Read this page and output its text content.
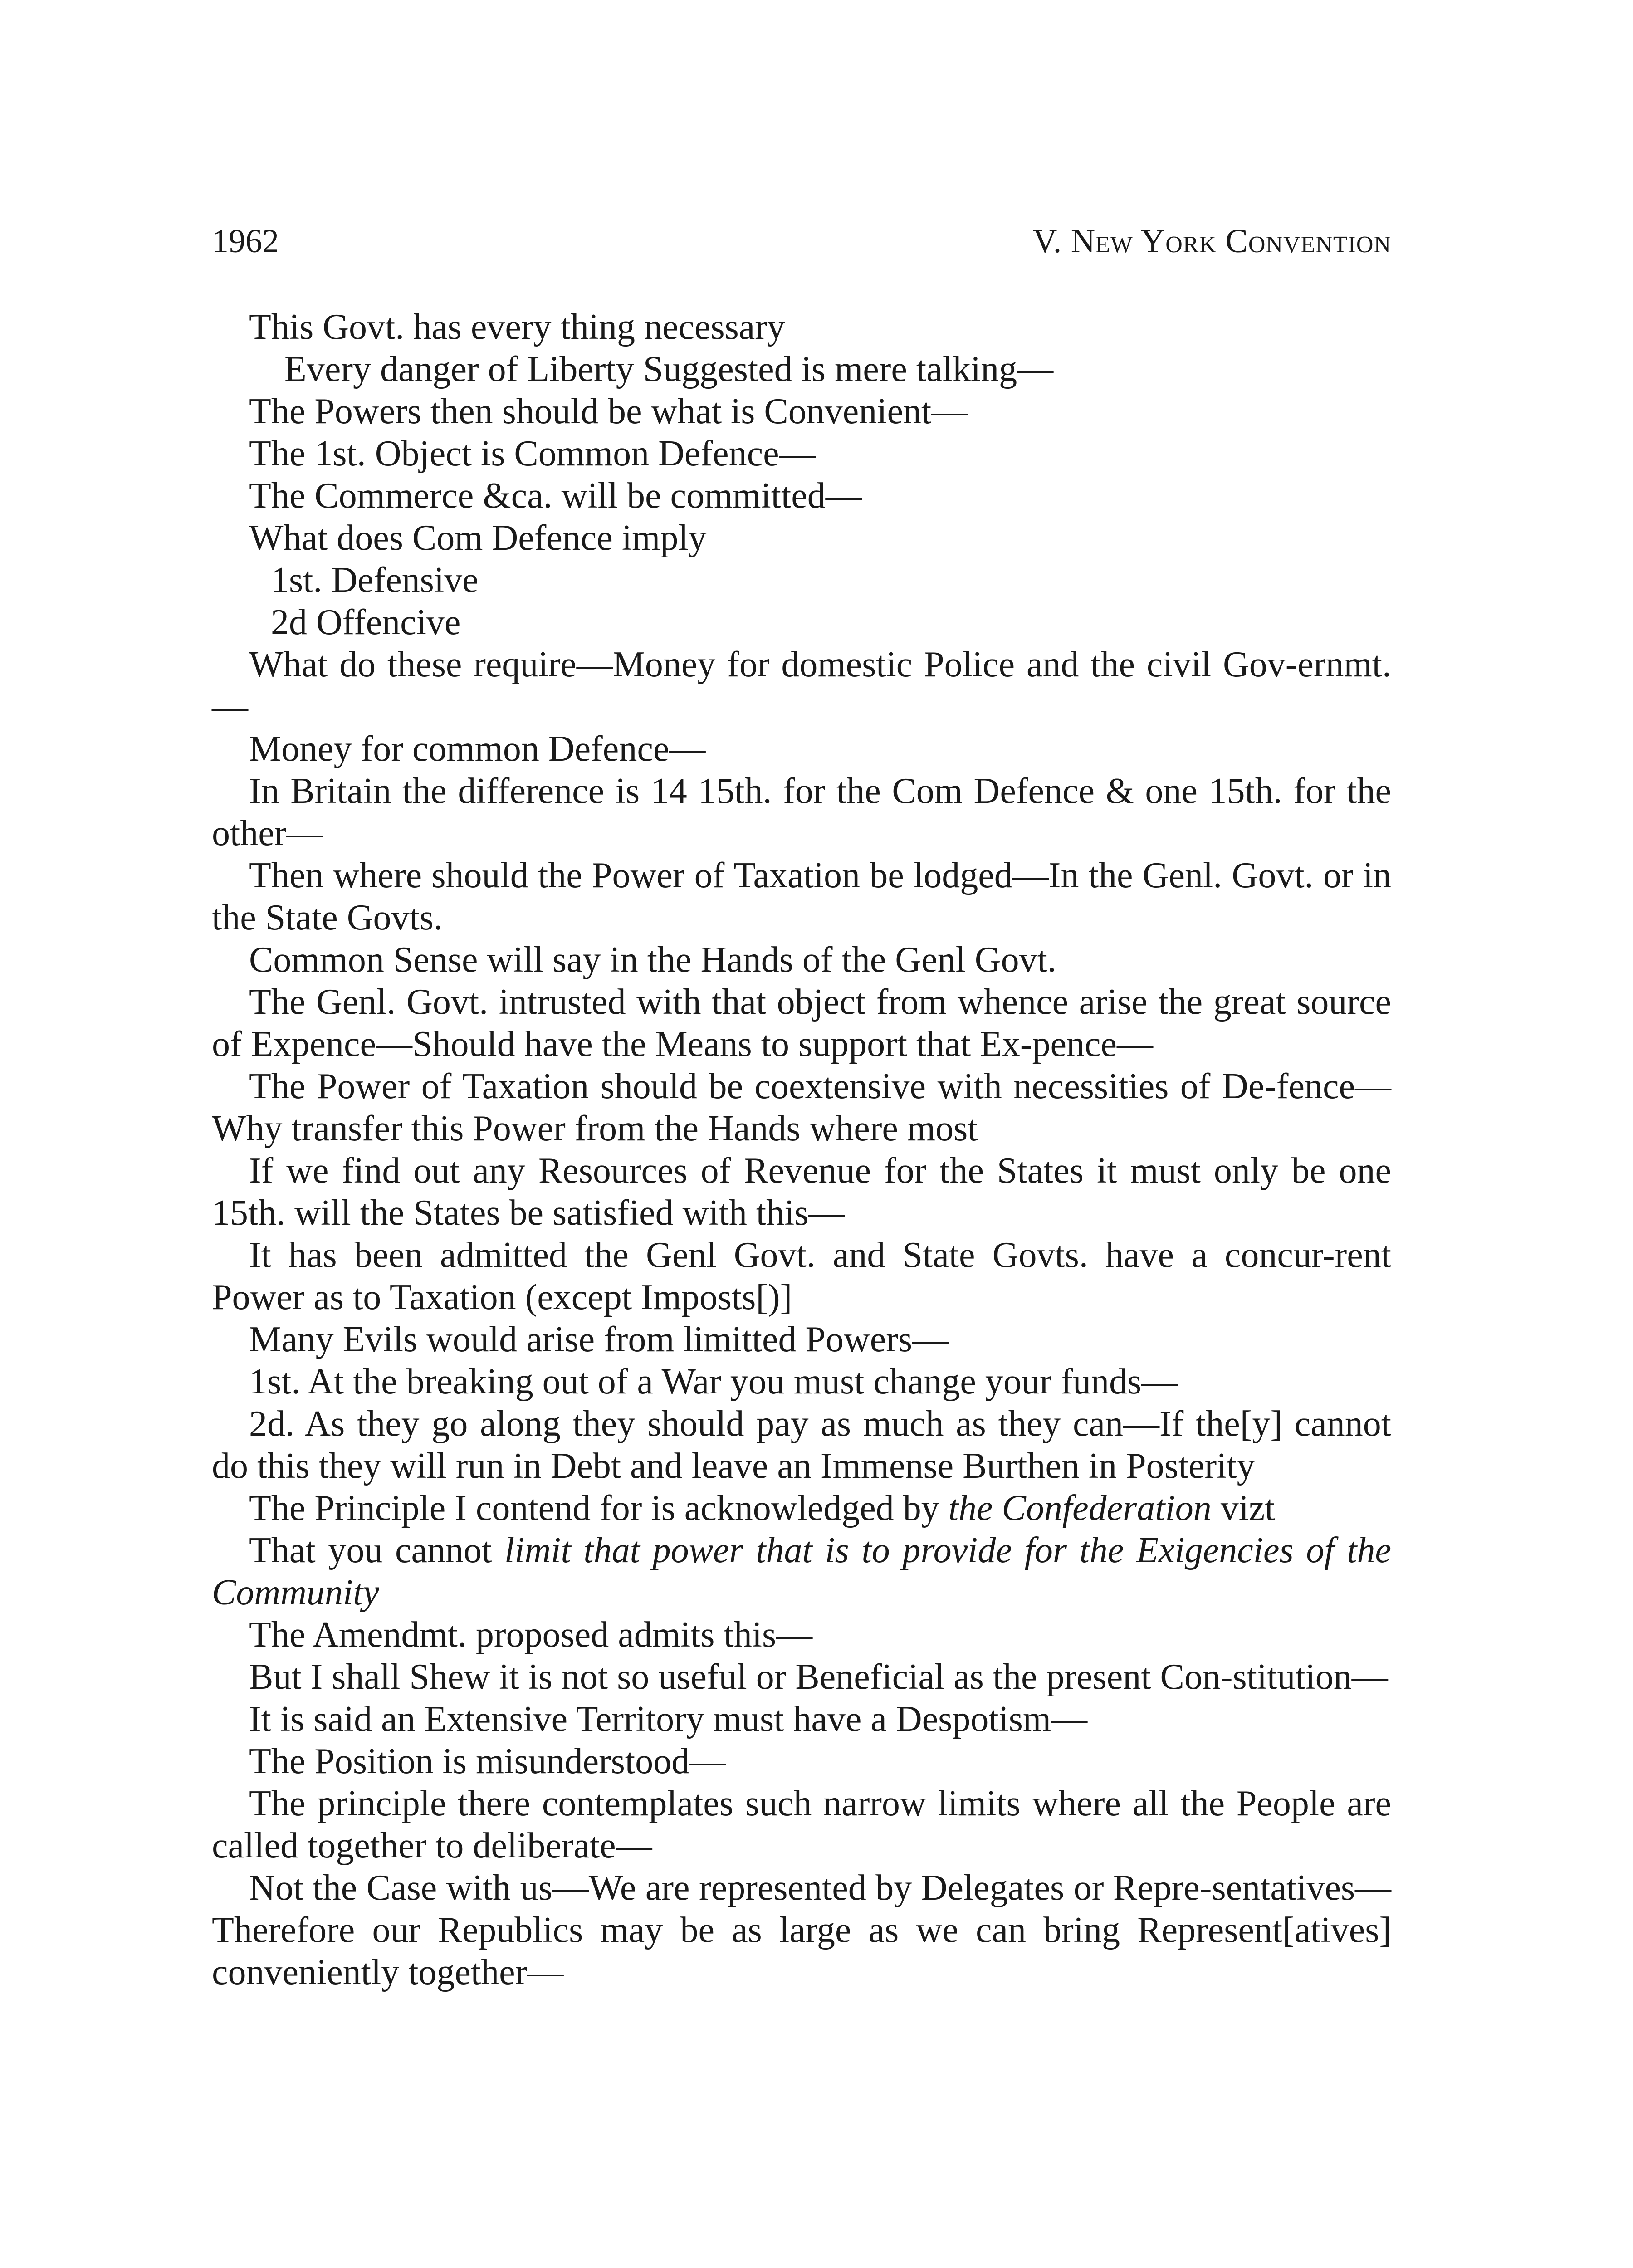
1962	V. New York Convention

This Govt. has every thing necessary

Every danger of Liberty Suggested is mere talking—

The Powers then should be what is Convenient—

The 1st. Object is Common Defence—

The Commerce &ca. will be committed—

What does Com Defence imply

1st. Defensive

2d Offencive

What do these require—Money for domestic Police and the civil Gov-ernmt.—

Money for common Defence—

In Britain the difference is 14 15th. for the Com Defence & one 15th. for the other—

Then where should the Power of Taxation be lodged—In the Genl. Govt. or in the State Govts.

Common Sense will say in the Hands of the Genl Govt.

The Genl. Govt. intrusted with that object from whence arise the great source of Expence—Should have the Means to support that Ex-pence—

The Power of Taxation should be coextensive with necessities of De-fence—Why transfer this Power from the Hands where most

If we find out any Resources of Revenue for the States it must only be one 15th. will the States be satisfied with this—

It has been admitted the Genl Govt. and State Govts. have a concur-rent Power as to Taxation (except Imposts[)]

Many Evils would arise from limitted Powers—

1st. At the breaking out of a War you must change your funds—

2d. As they go along they should pay as much as they can—If the[y] cannot do this they will run in Debt and leave an Immense Burthen in Posterity

The Principle I contend for is acknowledged by the Confederation vizt

That you cannot limit that power that is to provide for the Exigencies of the Community

The Amendmt. proposed admits this—

But I shall Shew it is not so useful or Beneficial as the present Con-stitution—

It is said an Extensive Territory must have a Despotism—

The Position is misunderstood—

The principle there contemplates such narrow limits where all the People are called together to deliberate—

Not the Case with us—We are represented by Delegates or Repre-sentatives—Therefore our Republics may be as large as we can bring Represent[atives] conveniently together—
